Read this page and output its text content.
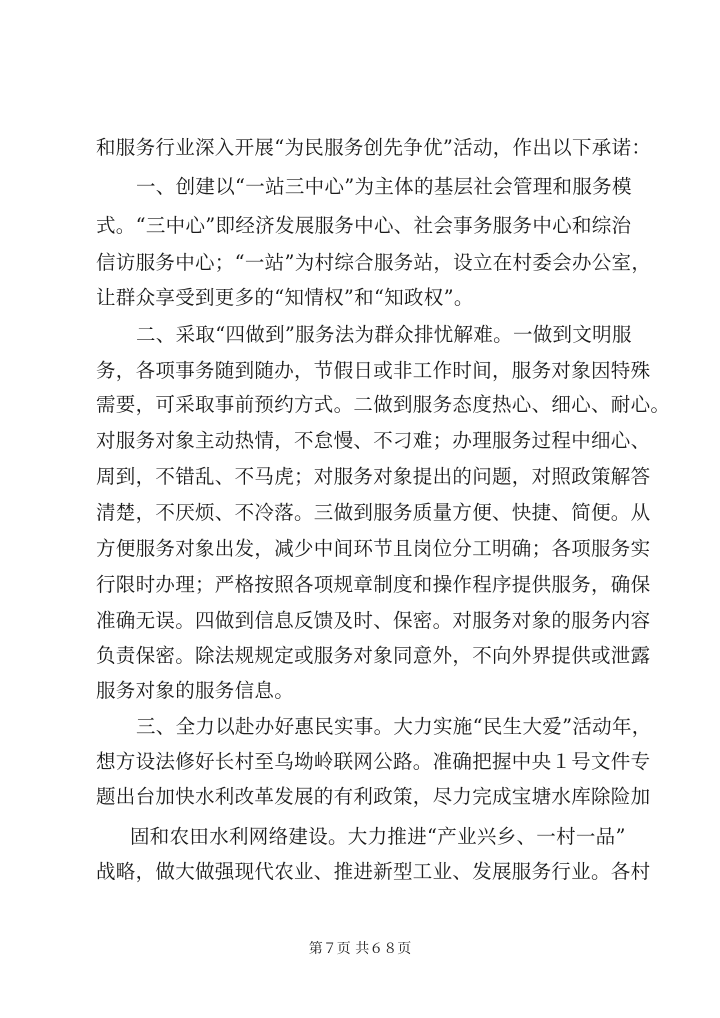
和服务行业深入开展“为民服务创先争优”活动，作出以下承诺：
一、创建以“一站三中心”为主体的基层社会管理和服务模
式。“三中心”即经济发展服务中心、社会事务服务中心和综治
信访服务中心；“一站”为村综合服务站，设立在村委会办公室，
让群众享受到更多的“知情权”和“知政权”。
二、采取“四做到”服务法为群众排忧解难。一做到文明服
务，各项事务随到随办，节假日或非工作时间，服务对象因特殊
需要，可采取事前预约方式。二做到服务态度热心、细心、耐心。
对服务对象主动热情，不怠慢、不刁难；办理服务过程中细心、
周到，不错乱、不马虎；对服务对象提出的问题，对照政策解答
清楚，不厌烦、不冷落。三做到服务质量方便、快捷、简便。从
方便服务对象出发，减少中间环节且岗位分工明确；各项服务实
行限时办理；严格按照各项规章制度和操作程序提供服务，确保
准确无误。四做到信息反馈及时、保密。对服务对象的服务内容
负责保密。除法规规定或服务对象同意外，不向外界提供或泄露
服务对象的服务信息。
三、全力以赴办好惠民实事。大力实施“民生大爱”活动年，
想方设法修好长村至乌坳岭联网公路。准确把握中央１号文件专
题出台加快水利改革发展的有利政策，尽力完成宝塘水库除险加
固和农田水利网络建设。大力推进“产业兴乡、一村一品”
战略，做大做强现代农业、推进新型工业、发展服务行业。各村
第７页 共６８页
